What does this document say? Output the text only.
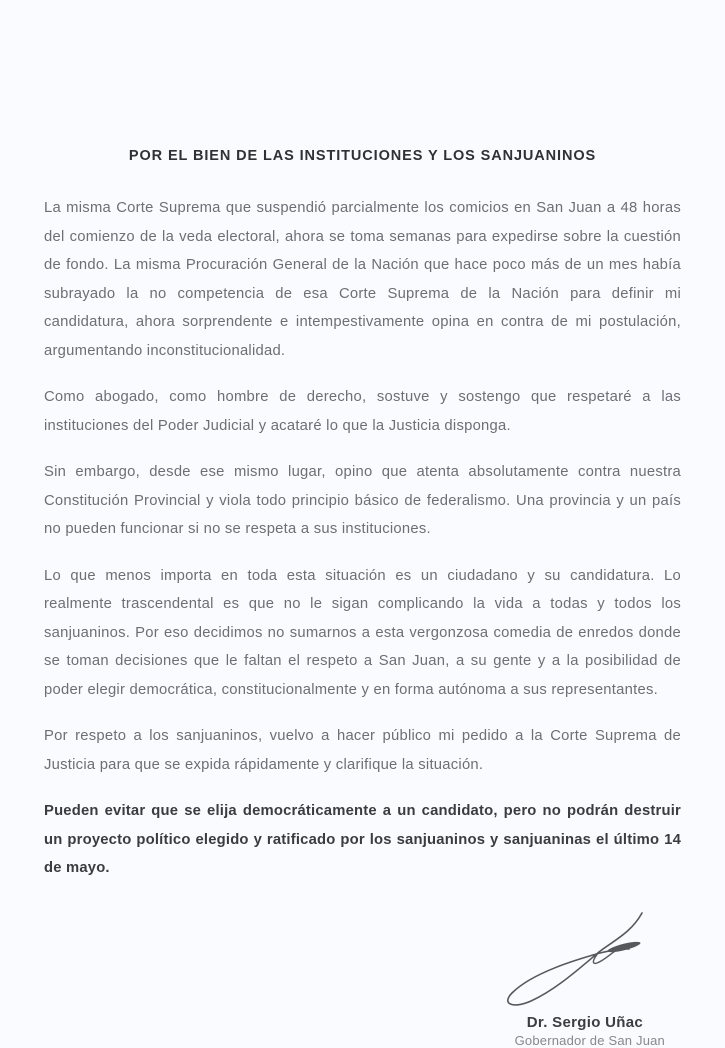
POR EL BIEN DE LAS INSTITUCIONES Y LOS SANJUANINOS

La misma Corte Suprema que suspendió parcialmente los comicios en San Juan a 48 horas del comienzo de la veda electoral, ahora se toma semanas para expedirse sobre la cuestión de fondo. La misma Procuración General de la Nación que hace poco más de un mes había subrayado la no competencia de esa Corte Suprema de la Nación para definir mi candidatura, ahora sorprendente e intempestivamente opina en contra de mi postulación, argumentando inconstitucionalidad.

Como abogado, como hombre de derecho, sostuve y sostengo que respetaré a las instituciones del Poder Judicial y acataré lo que la Justicia disponga.

Sin embargo, desde ese mismo lugar, opino que atenta absolutamente contra nuestra Constitución Provincial y viola todo principio básico de federalismo. Una provincia y un país no pueden funcionar si no se respeta a sus instituciones.

Lo que menos importa en toda esta situación es un ciudadano y su candidatura. Lo realmente trascendental es que no le sigan complicando la vida a todas y todos los sanjuaninos. Por eso decidimos no sumarnos a esta vergonzosa comedia de enredos donde se toman decisiones que le faltan el respeto a San Juan, a su gente y a la posibilidad de poder elegir democrática, constitucionalmente y en forma autónoma a sus representantes.

Por respeto a los sanjuaninos, vuelvo a hacer público mi pedido a la Corte Suprema de Justicia para que se expida rápidamente y clarifique la situación.

Pueden evitar que se elija democráticamente a un candidato, pero no podrán destruir un proyecto político elegido y ratificado por los sanjuaninos y sanjuaninas el último 14 de mayo.

Dr. Sergio Uñac

Gobernador de San Juan
